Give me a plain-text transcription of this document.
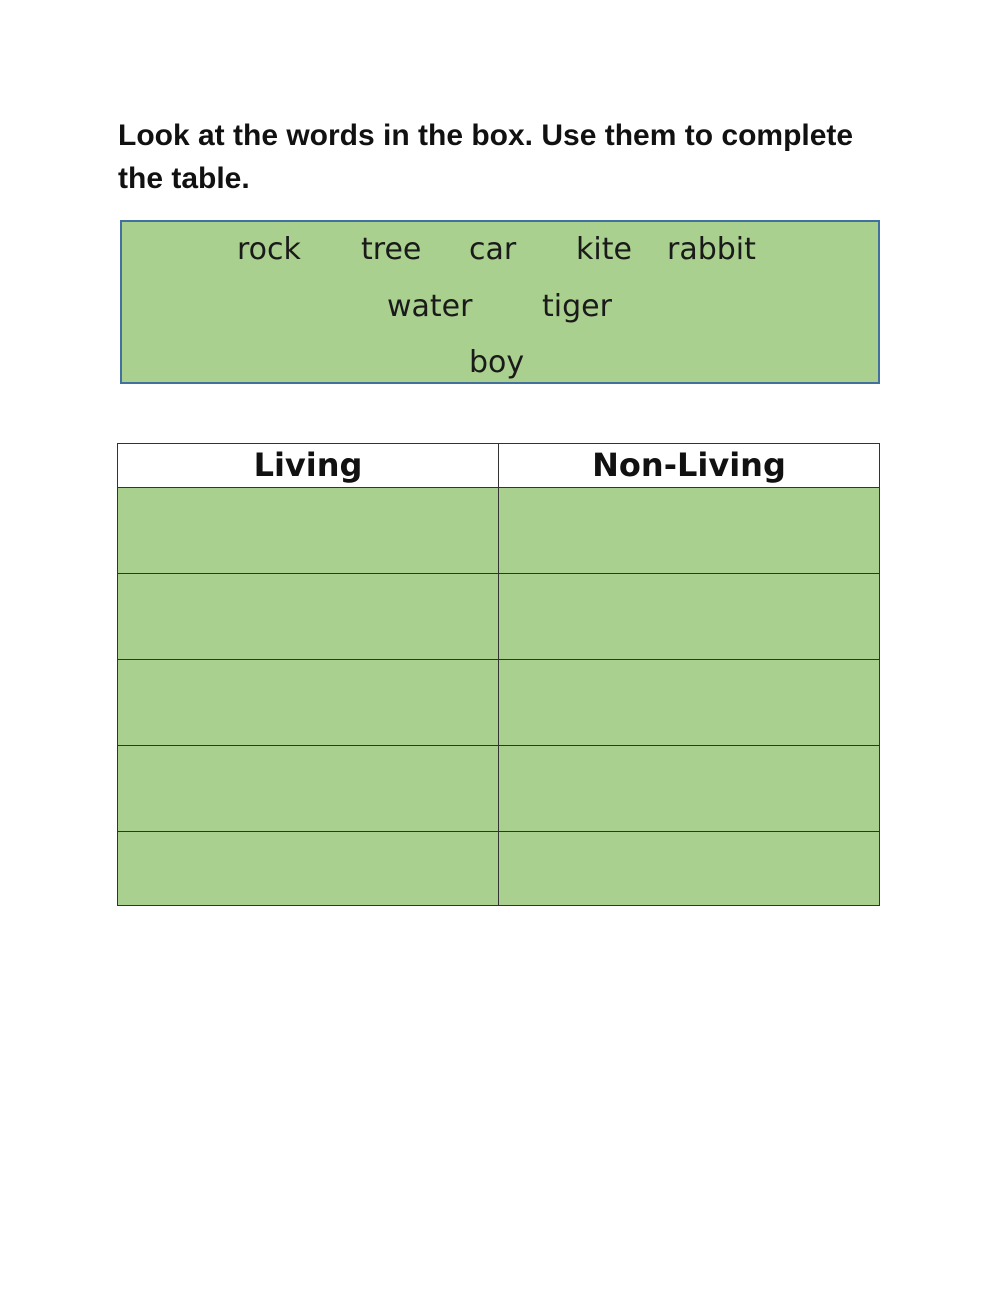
Look at the words in the box. Use them to complete the table.

rock tree car kite rabbit
water tiger
boy
Living	Non-Living
